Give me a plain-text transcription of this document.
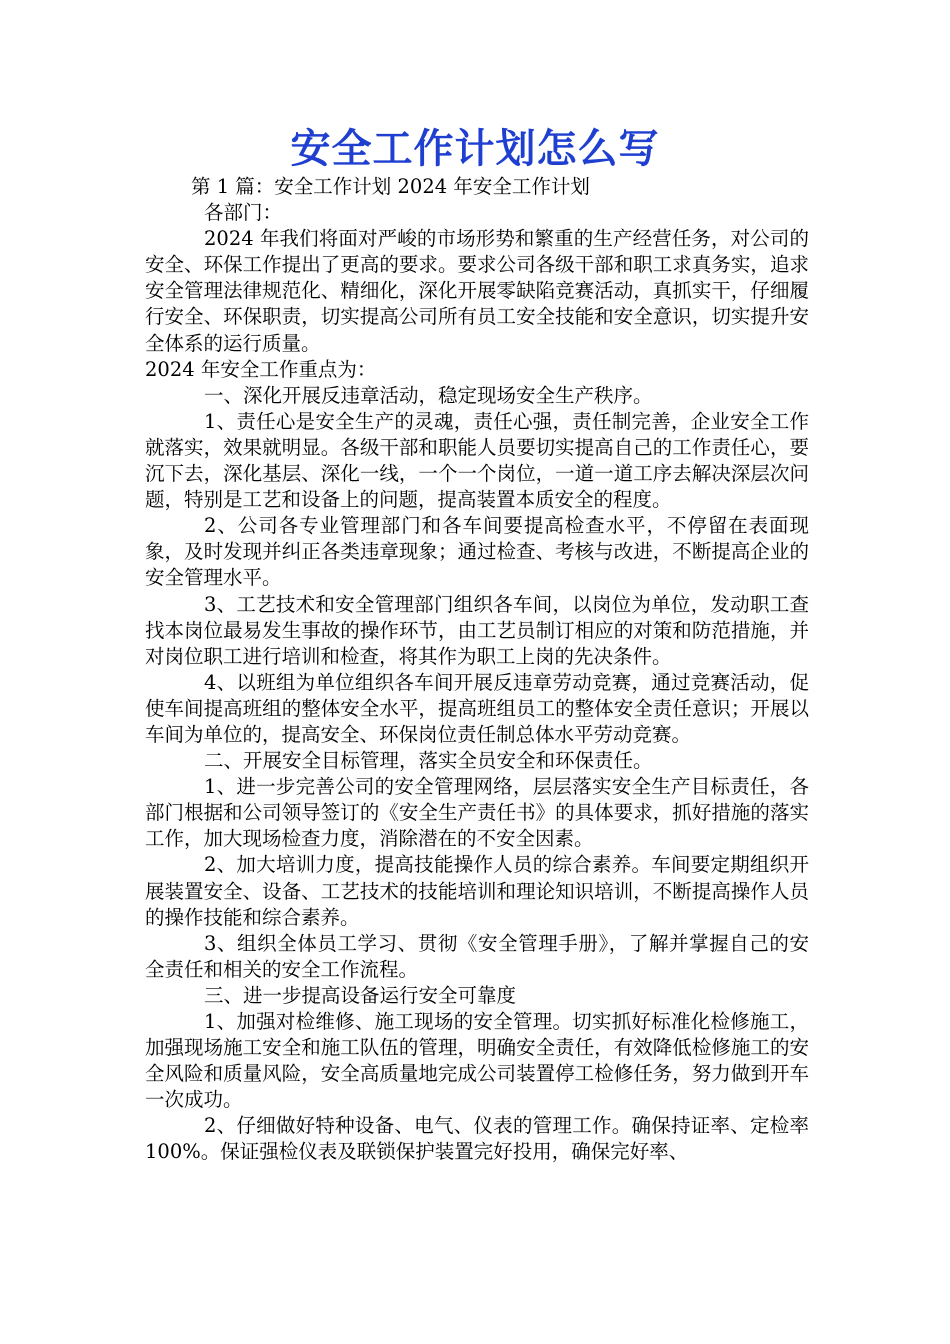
安全工作计划怎么写

第 1 篇：安全工作计划 2024 年安全工作计划

各部门：

2024 年我们将面对严峻的市场形势和繁重的生产经营任务，对公司的安全、环保工作提出了更高的要求。要求公司各级干部和职工求真务实，追求安全管理法律规范化、精细化，深化开展零缺陷竞赛活动，真抓实干，仔细履行安全、环保职责，切实提高公司所有员工安全技能和安全意识，切实提升安全体系的运行质量。

2024 年安全工作重点为：

一、深化开展反违章活动，稳定现场安全生产秩序。

1、责任心是安全生产的灵魂，责任心强，责任制完善，企业安全工作就落实，效果就明显。各级干部和职能人员要切实提高自己的工作责任心，要沉下去，深化基层、深化一线，一个一个岗位，一道一道工序去解决深层次问题，特别是工艺和设备上的问题，提高装置本质安全的程度。

2、公司各专业管理部门和各车间要提高检查水平，不停留在表面现象，及时发现并纠正各类违章现象；通过检查、考核与改进，不断提高企业的安全管理水平。

3、工艺技术和安全管理部门组织各车间，以岗位为单位，发动职工查找本岗位最易发生事故的操作环节，由工艺员制订相应的对策和防范措施，并对岗位职工进行培训和检查，将其作为职工上岗的先决条件。

4、以班组为单位组织各车间开展反违章劳动竞赛，通过竞赛活动，促使车间提高班组的整体安全水平，提高班组员工的整体安全责任意识；开展以车间为单位的，提高安全、环保岗位责任制总体水平劳动竞赛。

二、开展安全目标管理，落实全员安全和环保责任。

1、进一步完善公司的安全管理网络，层层落实安全生产目标责任，各部门根据和公司领导签订的《安全生产责任书》的具体要求，抓好措施的落实工作，加大现场检查力度，消除潜在的不安全因素。

2、加大培训力度，提高技能操作人员的综合素养。车间要定期组织开展装置安全、设备、工艺技术的技能培训和理论知识培训，不断提高操作人员的操作技能和综合素养。

3、组织全体员工学习、贯彻《安全管理手册》，了解并掌握自己的安全责任和相关的安全工作流程。

三、进一步提高设备运行安全可靠度

1、加强对检维修、施工现场的安全管理。切实抓好标准化检修施工，加强现场施工安全和施工队伍的管理，明确安全责任，有效降低检修施工的安全风险和质量风险，安全高质量地完成公司装置停工检修任务，努力做到开车一次成功。

2、仔细做好特种设备、电气、仪表的管理工作。确保持证率、定检率 100%。保证强检仪表及联锁保护装置完好投用，确保完好率、
